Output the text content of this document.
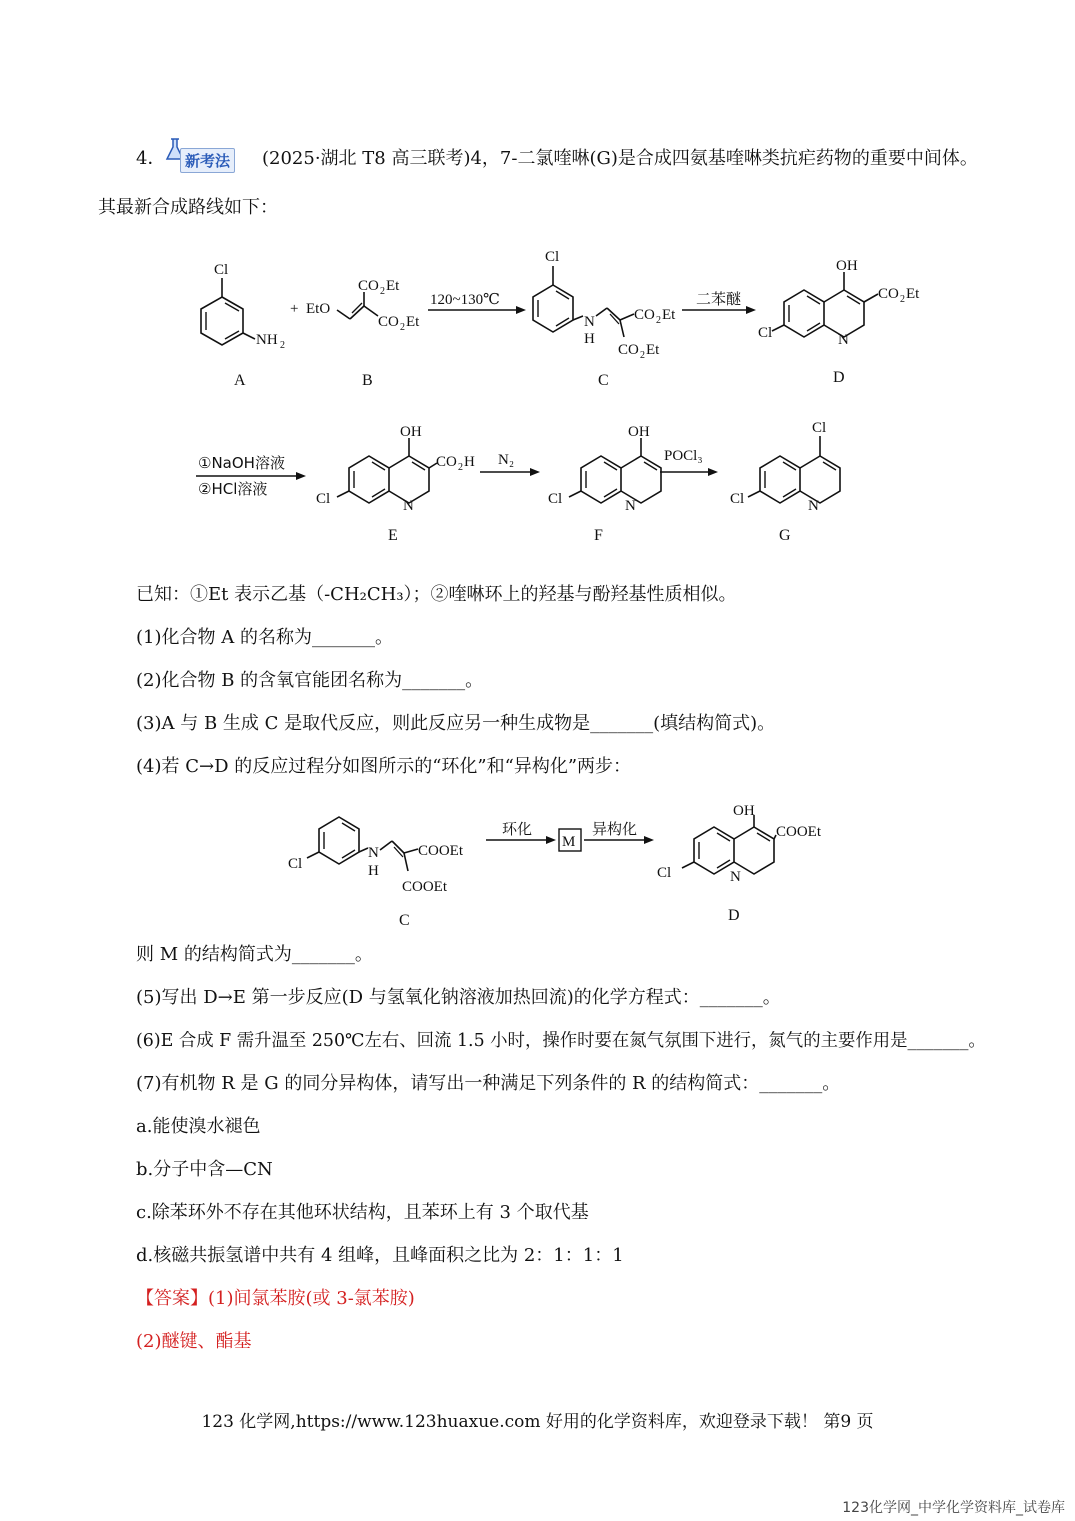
4．	新考法 (2025·湖北 T8 高三联考)4，7-二氯喹啉(G)是合成四氨基喹啉类抗疟药物的重要中间体。
其最新合成路线如下：
Cl
NH 2
+ EtO
CO 2 Et
CO 2 Et
120~130℃
Cl
N
H
CO 2 Et
CO 2 Et
二苯醚
N
OH
CO 2 Et
Cl
A	B	C	D
①NaOH溶液
②HCl溶液
N
OH
CO 2 H
Cl
N₂
N
OH
Cl
POCl₃
N
Cl
Cl
E	F	G
已知：①Et 表示乙基（-CH₂CH₃）；②喹啉环上的羟基与酚羟基性质相似。
(1)化合物 A 的名称为_______。
(2)化合物 B 的含氧官能团名称为_______。
(3)A 与 B 生成 C 是取代反应，则此反应另一种生成物是_______(填结构简式)。
(4)若 C→D 的反应过程分如图所示的“环化”和“异构化”两步：
Cl
N
H
COOEt
COOEt
环化
M
异构化
N
OH
COOEt
Cl
C	D
则 M 的结构简式为_______。
(5)写出 D→E 第一步反应(D 与氢氧化钠溶液加热回流)的化学方程式：_______。
(6)E 合成 F 需升温至 250℃左右、回流 1.5 小时，操作时要在氮气氛围下进行，氮气的主要作用是_______。
(7)有机物 R 是 G 的同分异构体，请写出一种满足下列条件的 R 的结构简式：_______。
a.能使溴水褪色
b.分子中含—CN
c.除苯环外不存在其他环状结构，且苯环上有 3 个取代基
d.核磁共振氢谱中共有 4 组峰，且峰面积之比为 2：1：1：1
【答案】(1)间氯苯胺(或 3-氯苯胺)
(2)醚键、酯基
123 化学网,https://www.123huaxue.com 好用的化学资料库，欢迎登录下载！ 第9 页
123化学网_中学化学资料库_试卷库
